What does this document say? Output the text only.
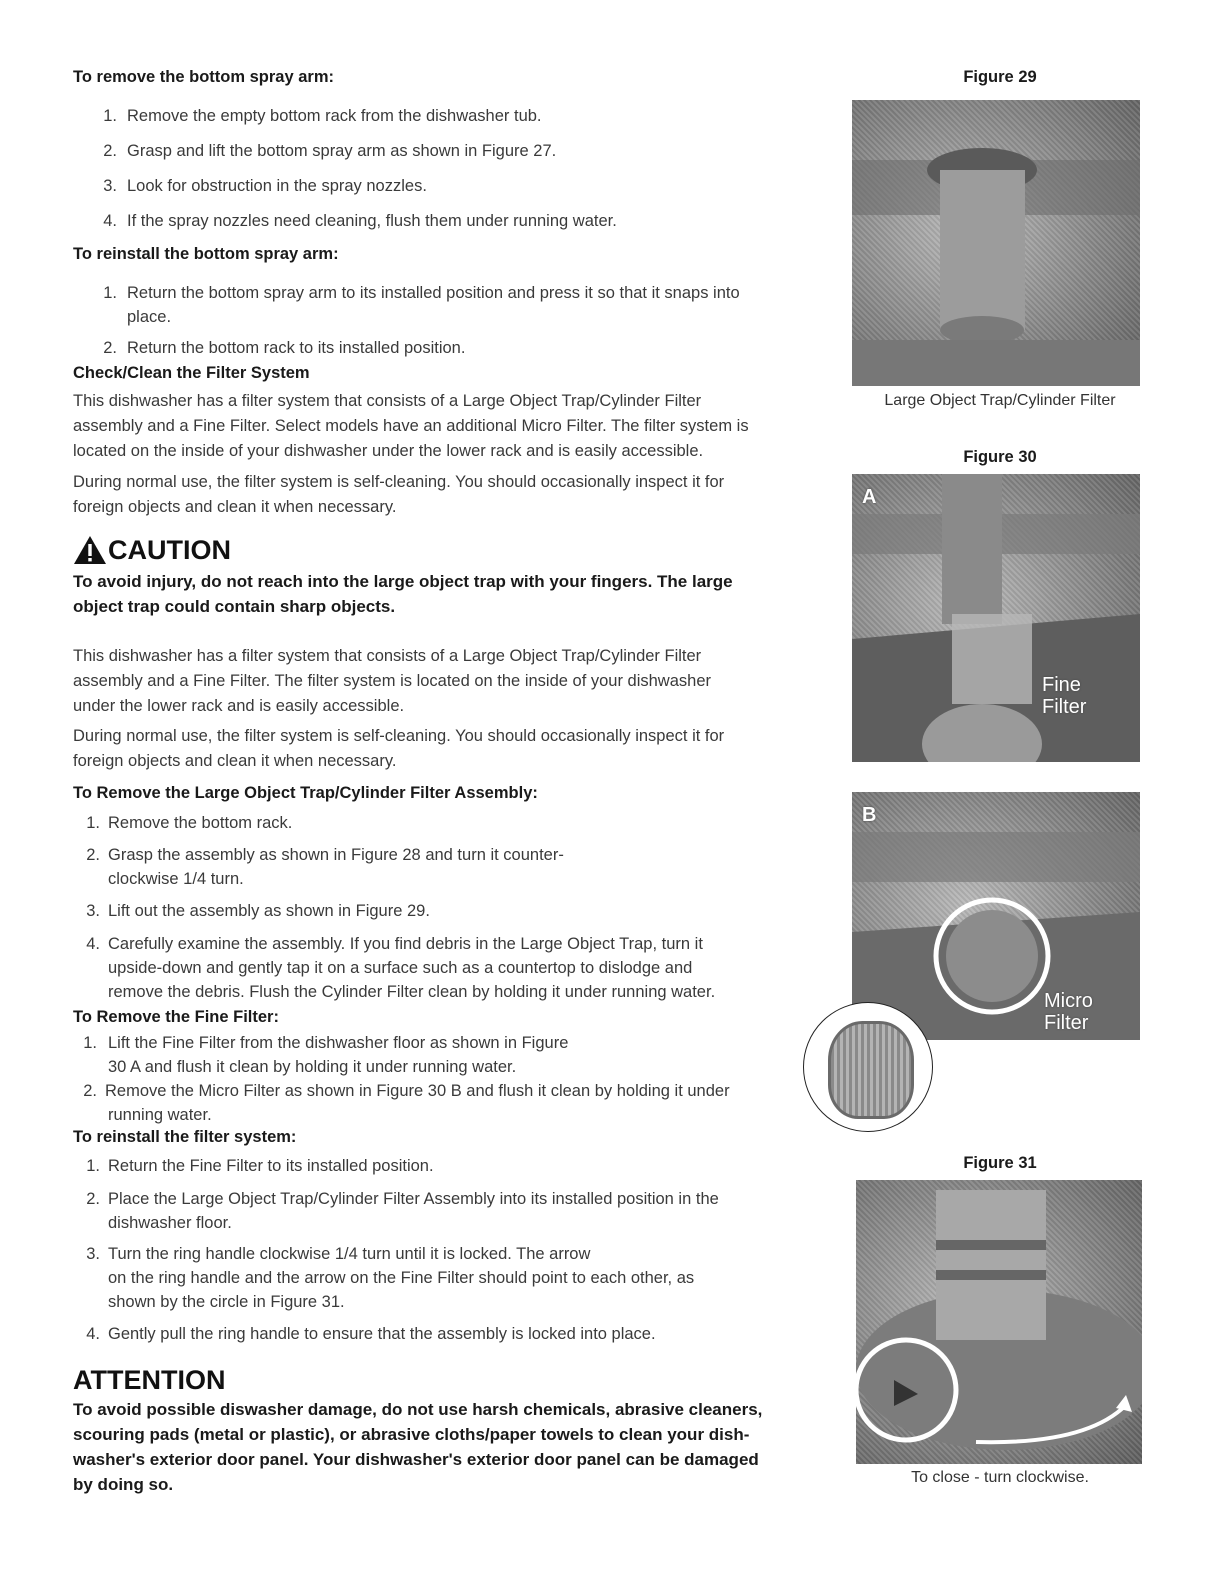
To remove the bottom spray arm:
1. Remove the empty bottom rack from the dishwasher tub.
2. Grasp and lift the bottom spray arm as shown in Figure 27.
3. Look for obstruction in the spray nozzles.
4. If the spray nozzles need cleaning, flush them under running water.
To reinstall the bottom spray arm:
1. Return the bottom spray arm to its installed position and press it so that it snaps into
place.
2. Return the bottom rack to its installed position.
Check/Clean the Filter System
This dishwasher has a filter system that consists of a Large Object Trap/Cylinder Filter
assembly and a Fine Filter. Select models have an additional Micro Filter. The filter system is
located on the inside of your dishwasher under the lower rack and is easily accessible.
During normal use, the filter system is self-cleaning. You should occasionally inspect it for
foreign objects and clean it when necessary.
CAUTION
To avoid injury, do not reach into the large object trap with your fingers. The large
object trap could contain sharp objects.
This dishwasher has a filter system that consists of a Large Object Trap/Cylinder Filter
assembly and a Fine Filter. The filter system is located on the inside of your dishwasher
under the lower rack and is easily accessible.
During normal use, the filter system is self-cleaning. You should occasionally inspect it for
foreign objects and clean it when necessary.
To Remove the Large Object Trap/Cylinder Filter Assembly:
1. Remove the bottom rack.
2. Grasp the assembly as shown in Figure 28 and turn it counter-
clockwise 1/4 turn.
3. Lift out the assembly as shown in Figure 29.
4. Carefully examine the assembly. If you find debris in the Large Object Trap, turn it
upside-down and gently tap it on a surface such as a countertop to dislodge and
remove the debris. Flush the Cylinder Filter clean by holding it under running water.
To Remove the Fine Filter:
1. Lift the Fine Filter from the dishwasher floor as shown in Figure
30 A and flush it clean by holding it under running water.
2. Remove the Micro Filter as shown in Figure 30 B and flush it clean by holding it under
running water.
To reinstall the filter system:
1. Return the Fine Filter to its installed position.
2. Place the Large Object Trap/Cylinder Filter Assembly into its installed position in the
dishwasher floor.
3. Turn the ring handle clockwise 1/4 turn until it is locked. The arrow
on the ring handle and the arrow on the Fine Filter should point to each other, as
shown by the circle in Figure 31.
4. Gently pull the ring handle to ensure that the assembly is locked into place.
ATTENTION
To avoid possible diswasher damage, do not use harsh chemicals, abrasive cleaners,
scouring pads (metal or plastic), or abrasive cloths/paper towels to clean your dish-
washer's exterior door panel. Your dishwasher's exterior door panel can be damaged
by doing so.
Figure 29
Large Object Trap/Cylinder Filter
Figure 30
A
Fine
Filter
B
Micro
Filter
Figure 31
To close - turn clockwise.
